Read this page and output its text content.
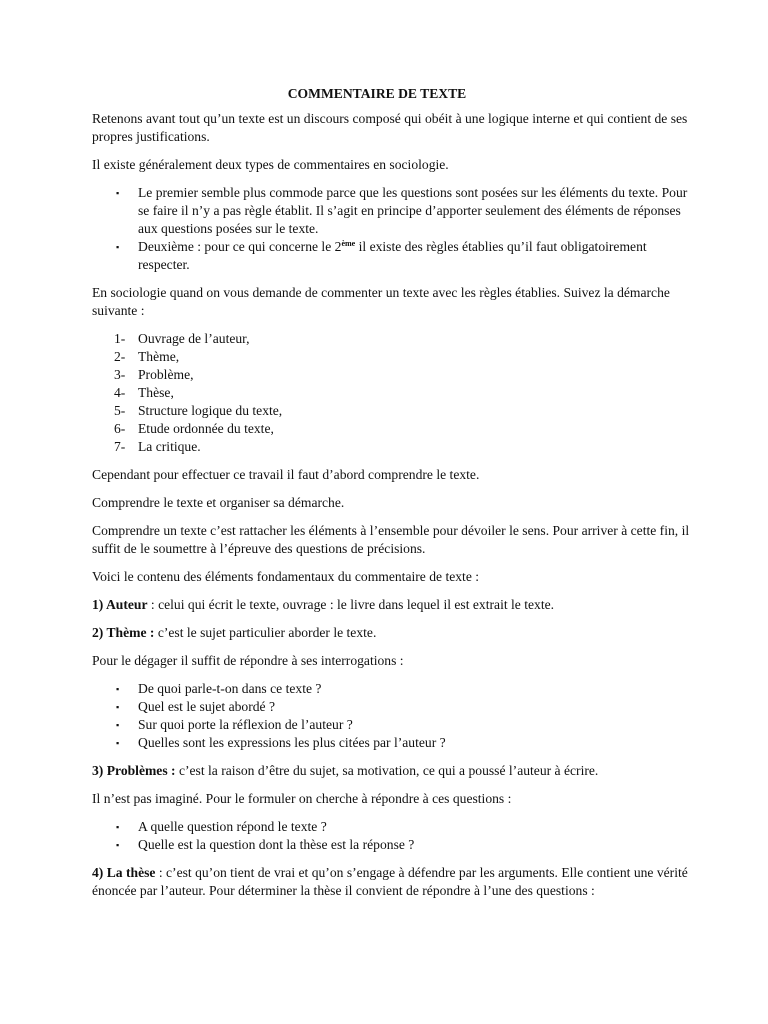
COMMENTAIRE DE TEXTE

Retenons avant tout qu’un texte est un discours composé qui obéit à une logique interne et qui contient de ses propres justifications.

Il existe généralement deux types de commentaires en sociologie.

▪ Le premier semble plus commode parce que les questions sont posées sur les éléments du texte. Pour se faire il n’y a pas règle établit. Il s’agit en principe d’apporter seulement des éléments de réponses aux questions posées sur le texte.
▪ Deuxième : pour ce qui concerne le 2ème il existe des règles établies qu’il faut obligatoirement respecter.

En sociologie quand on vous demande de commenter un texte avec les règles établies. Suivez la démarche suivante :

1- Ouvrage de l’auteur,
2- Thème,
3- Problème,
4- Thèse,
5- Structure logique du texte,
6- Etude ordonnée du texte,
7- La critique.

Cependant pour effectuer ce travail il faut d’abord comprendre le texte.

Comprendre le texte et organiser sa démarche.

Comprendre un texte c’est rattacher les éléments à l’ensemble pour dévoiler le sens. Pour arriver à cette fin, il suffit de le soumettre à l’épreuve des questions de précisions.

Voici le contenu des éléments fondamentaux du commentaire de texte :

1) Auteur : celui qui écrit le texte, ouvrage : le livre dans lequel il est extrait le texte.

2) Thème : c’est le sujet particulier aborder le texte.

Pour le dégager il suffit de répondre à ses interrogations :

▪ De quoi parle-t-on dans ce texte ?
▪ Quel est le sujet abordé ?
▪ Sur quoi porte la réflexion de l’auteur ?
▪ Quelles sont les expressions les plus citées par l’auteur ?

3) Problèmes : c’est la raison d’être du sujet, sa motivation, ce qui a poussé l’auteur à écrire.

Il n’est pas imaginé. Pour le formuler on cherche à répondre à ces questions :

▪ A quelle question répond le texte ?
▪ Quelle est la question dont la thèse est la réponse ?

4) La thèse : c’est qu’on tient de vrai et qu’on s’engage à défendre par les arguments. Elle contient une vérité énoncée par l’auteur. Pour déterminer la thèse il convient de répondre à l’une des questions :
